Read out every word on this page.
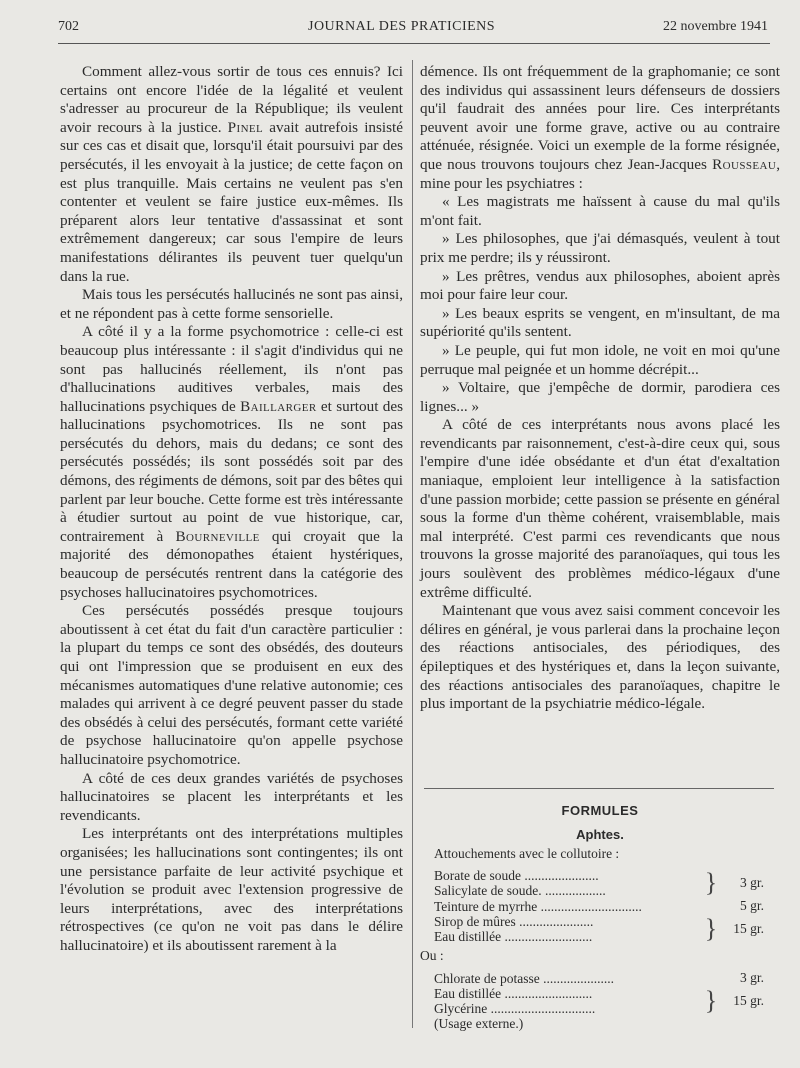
702	JOURNAL DES PRATICIENS	22 novembre 1941

Comment allez-vous sortir de tous ces ennuis? Ici certains ont encore l'idée de la légalité et veulent s'adresser au procureur de la République; ils veulent avoir recours à la justice. Pinel avait autrefois insisté sur ces cas et disait que, lorsqu'il était poursuivi par des persécutés, il les envoyait à la justice; de cette façon on est plus tranquille. Mais certains ne veulent pas s'en contenter et veulent se faire justice eux-mêmes. Ils préparent alors leur tentative d'assassinat et sont extrêmement dangereux; car sous l'empire de leurs manifestations délirantes ils peuvent tuer quelqu'un dans la rue.

Mais tous les persécutés hallucinés ne sont pas ainsi, et ne répondent pas à cette forme sensorielle.

A côté il y a la forme psychomotrice : celle-ci est beaucoup plus intéressante : il s'agit d'individus qui ne sont pas hallucinés réellement, ils n'ont pas d'hallucinations auditives verbales, mais des hallucinations psychiques de Baillarger et surtout des hallucinations psychomotrices. Ils ne sont pas persécutés du dehors, mais du dedans; ce sont des persécutés possédés; ils sont possédés soit par des démons, des régiments de démons, soit par des bêtes qui parlent par leur bouche. Cette forme est très intéressante à étudier surtout au point de vue historique, car, contrairement à Bourneville qui croyait que la majorité des démonopathes étaient hystériques, beaucoup de persécutés rentrent dans la catégorie des psychoses hallucinatoires psychomotrices.

Ces persécutés possédés presque toujours aboutissent à cet état du fait d'un caractère particulier : la plupart du temps ce sont des obsédés, des douteurs qui ont l'impression que se produisent en eux des mécanismes automatiques d'une relative autonomie; ces malades qui arrivent à ce degré peuvent passer du stade des obsédés à celui des persécutés, formant cette variété de psychose hallucinatoire qu'on appelle psychose hallucinatoire psychomotrice.

A côté de ces deux grandes variétés de psychoses hallucinatoires se placent les interprétants et les revendicants.

Les interprétants ont des interprétations multiples organisées; les hallucinations sont contingentes; ils ont une persistance parfaite de leur activité psychique et l'évolution se produit avec l'extension progressive de leurs interprétations, avec des interprétations rétrospectives (ce qu'on ne voit pas dans le délire hallucinatoire) et ils aboutissent rarement à la

démence. Ils ont fréquemment de la graphomanie; ce sont des individus qui assassinent leurs défenseurs de dossiers qu'il faudrait des années pour lire. Ces interprétants peuvent avoir une forme grave, active ou au contraire atténuée, résignée. Voici un exemple de la forme résignée, que nous trouvons toujours chez Jean-Jacques Rousseau, mine pour les psychiatres :

« Les magistrats me haïssent à cause du mal qu'ils m'ont fait.

» Les philosophes, que j'ai démasqués, veulent à tout prix me perdre; ils y réussiront.

» Les prêtres, vendus aux philosophes, aboient après moi pour faire leur cour.

» Les beaux esprits se vengent, en m'insultant, de ma supériorité qu'ils sentent.

» Le peuple, qui fut mon idole, ne voit en moi qu'une perruque mal peignée et un homme décrépit...

» Voltaire, que j'empêche de dormir, parodiera ces lignes... »

A côté de ces interprétants nous avons placé les revendicants par raisonnement, c'est-à-dire ceux qui, sous l'empire d'une idée obsédante et d'un état d'exaltation maniaque, emploient leur intelligence à la satisfaction d'une passion morbide; cette passion se présente en général sous la forme d'un thème cohérent, vraisemblable, mais mal interprété. C'est parmi ces revendicants que nous trouvons la grosse majorité des paranoïaques, qui tous les jours soulèvent des problèmes médico-légaux d'une extrême difficulté.

Maintenant que vous avez saisi comment concevoir les délires en général, je vous parlerai dans la prochaine leçon des réactions antisociales, des périodiques, des épileptiques et des hystériques et, dans la leçon suivante, des réactions antisociales des paranoïaques, chapitre le plus important de la psychiatrie médico-légale.

FORMULES
Aphtes.
Attouchements avec le collutoire :
Borate de soude ......................
Salicylate de soude. ..................	}	3 gr.
Teinture de myrrhe ..............................	5 gr.
Sirop de mûres ......................
Eau distillée ..........................	}	15 gr.
Ou :
Chlorate de potasse .....................	3 gr.
Eau distillée ..........................
Glycérine ...............................	}	15 gr.
(Usage externe.)
